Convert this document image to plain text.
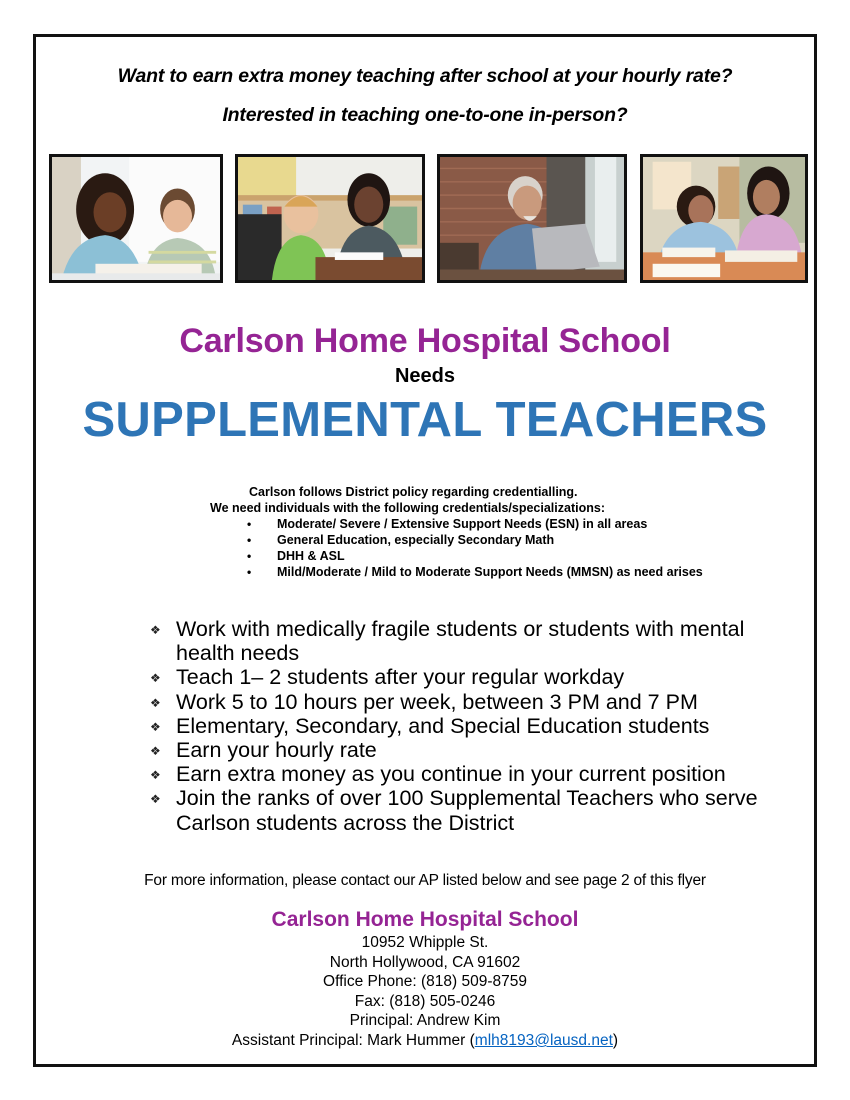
Want to earn extra money teaching after school at your hourly rate?
Interested in teaching one-to-one in-person?
Carlson Home Hospital School
Needs
SUPPLEMENTAL TEACHERS
Carlson follows District policy regarding credentialling.
We need individuals with the following credentials/specializations:
• Moderate/ Severe / Extensive Support Needs (ESN) in all areas
• General Education, especially Secondary Math
• DHH & ASL
• Mild/Moderate / Mild to Moderate Support Needs (MMSN) as need arises
❖ Work with medically fragile students or students with mental health needs
❖ Teach 1– 2 students after your regular workday
❖ Work 5 to 10 hours per week, between 3 PM and 7 PM
❖ Elementary, Secondary, and Special Education students
❖ Earn your hourly rate
❖ Earn extra money as you continue in your current position
❖ Join the ranks of over 100 Supplemental Teachers who serve Carlson students across the District
For more information, please contact our AP listed below and see page 2 of this flyer
Carlson Home Hospital School
10952 Whipple St.
North Hollywood, CA 91602
Office Phone: (818) 509-8759
Fax: (818) 505-0246
Principal: Andrew Kim
Assistant Principal: Mark Hummer (mlh8193@lausd.net)
